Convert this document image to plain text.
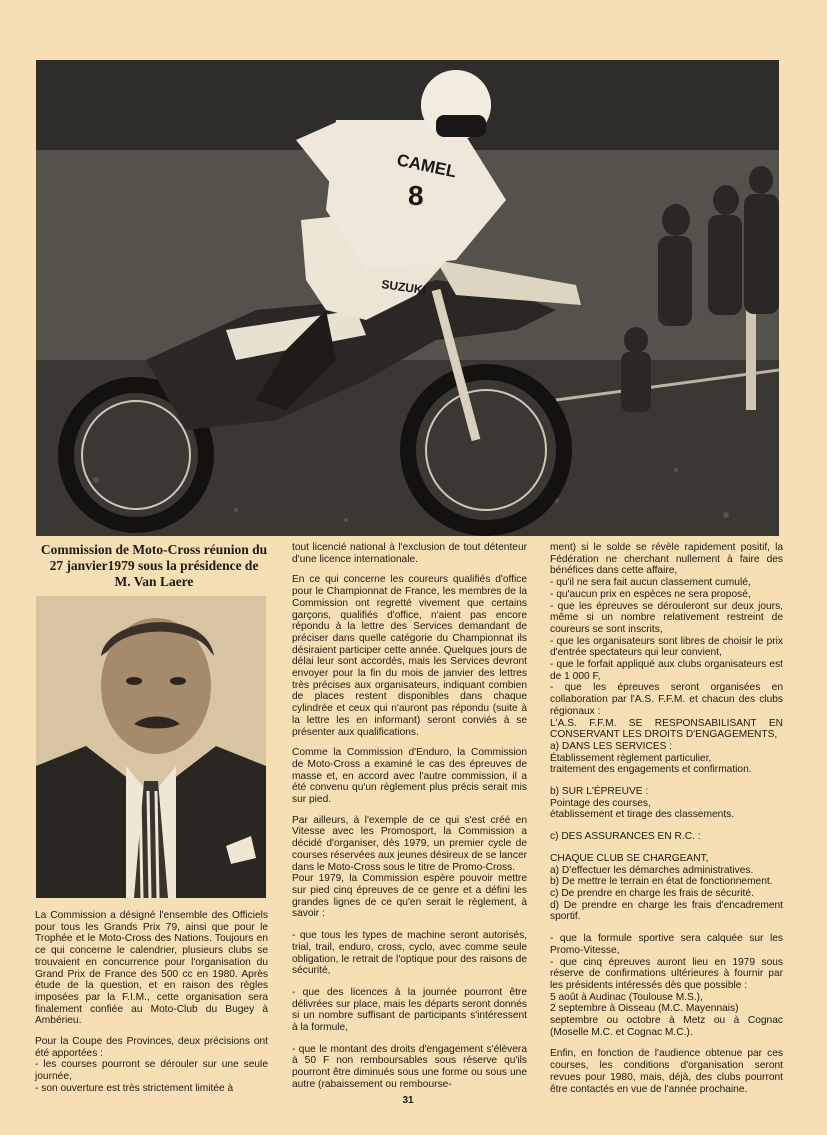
CAMEL
8
SUZUKI
Commission de Moto-Cross réunion du 27 janvier1979 sous la présidence de M. Van Laere

La Commission a désigné l'ensemble des Officiels pour tous les Grands Prix 79, ainsi que pour le Trophée et le Moto-Cross des Nations. Toujours en ce qui concerne le calendrier, plusieurs clubs se trouvaient en concurrence pour l'organisation du Grand Prix de France des 500 cc en 1980. Après étude de la question, et en raison des règles imposées par la F.I.M., cette organisation sera finalement confiée au Moto-Club du Bugey à Ambérieu.

Pour la Coupe des Provinces, deux précisions ont été apportées :

- les courses pourront se dérouler sur une seule journée,

- son ouverture est très strictement limitée à

tout licencié national à l'exclusion de tout détenteur d'une licence internationale.

En ce qui concerne les coureurs qualifiés d'office pour le Championnat de France, les membres de la Commission ont regretté vivement que certains garçons, qualifiés d'office, n'aient pas encore répondu à la lettre des Services demandant de préciser dans quelle catégorie du Championnat ils désiraient participer cette année. Quelques jours de délai leur sont accordés, mais les Services devront envoyer pour la fin du mois de janvier des lettres très précises aux organisateurs, indiquant combien de places restent disponibles dans chaque cylindrée et ceux qui n'auront pas répondu (suite à la lettre les en informant) seront conviés à se présenter aux qualifications.

Comme la Commission d'Enduro, la Commission de Moto-Cross a examiné le cas des épreuves de masse et, en accord avec l'autre commission, il a été convenu qu'un règlement plus précis serait mis sur pied.

Par ailleurs, à l'exemple de ce qui s'est créé en Vitesse avec les Promosport, la Commission a décidé d'organiser, dès 1979, un premier cycle de courses réservées aux jeunes désireux de se lancer dans le Moto-Cross sous le titre de Promo-Cross.

Pour 1979, la Commission espère pouvoir mettre sur pied cinq épreuves de ce genre et a défini les grandes lignes de ce qu'en serait le règlement, à savoir :

- que tous les types de machine seront autorisés, trial, trail, enduro, cross, cyclo, avec comme seule obligation, le retrait de l'optique pour des raisons de sécurité,

- que des licences à la journée pourront être délivrées sur place, mais les départs seront donnés si un nombre suffisant de participants s'intéressent à la formule,

- que le montant des droits d'engagement s'élèvera à 50 F non remboursables sous réserve qu'ils pourront être diminués sous une forme ou sous une autre (rabaissement ou rembourse-

ment) si le solde se révèle rapidement positif, la Fédération ne cherchant nullement à faire des bénéfices dans cette affaire,

- qu'il ne sera fait aucun classement cumulé,

- qu'aucun prix en espèces ne sera proposé,

- que les épreuves se dérouleront sur deux jours, même si un nombre relativement restreint de coureurs se sont inscrits,

- que les organisateurs sont libres de choisir le prix d'entrée spectateurs qui leur convient,

- que le forfait appliqué aux clubs organisateurs est de 1 000 F,

- que les épreuves seront organisées en collaboration par l'A.S. F.F.M. et chacun des clubs régionaux :

L'A.S. F.F.M. SE RESPONSABILISANT EN CONSERVANT LES DROITS D'ENGAGEMENTS,

a) DANS LES SERVICES :

Établissement règlement particulier,

traitement des engagements et confirmation.

b) SUR L'ÉPREUVE :

Pointage des courses,

établissement et tirage des classements.

c) DES ASSURANCES EN R.C. :

CHAQUE CLUB SE CHARGEANT,

a) D'effectuer les démarches administratives.

b) De mettre le terrain en état de fonctionnement.

c) De prendre en charge les frais de sécurité.

d) De prendre en charge les frais d'encadrement sportif.

- que la formule sportive sera calquée sur les Promo-Vitesse,

- que cinq épreuves auront lieu en 1979 sous réserve de confirmations ultérieures à fournir par les présidents intéressés dès que possible :

5 août à Audinac (Toulouse M.S.),

2 septembre à Oisseau (M.C. Mayennais)

septembre ou octobre à Metz ou à Cognac (Moselle M.C. et Cognac M.C.).

Enfin, en fonction de l'audience obtenue par ces courses, les conditions d'organisation seront revues pour 1980, mais, déjà, des clubs pourront être contactés en vue de l'année prochaine.

31
